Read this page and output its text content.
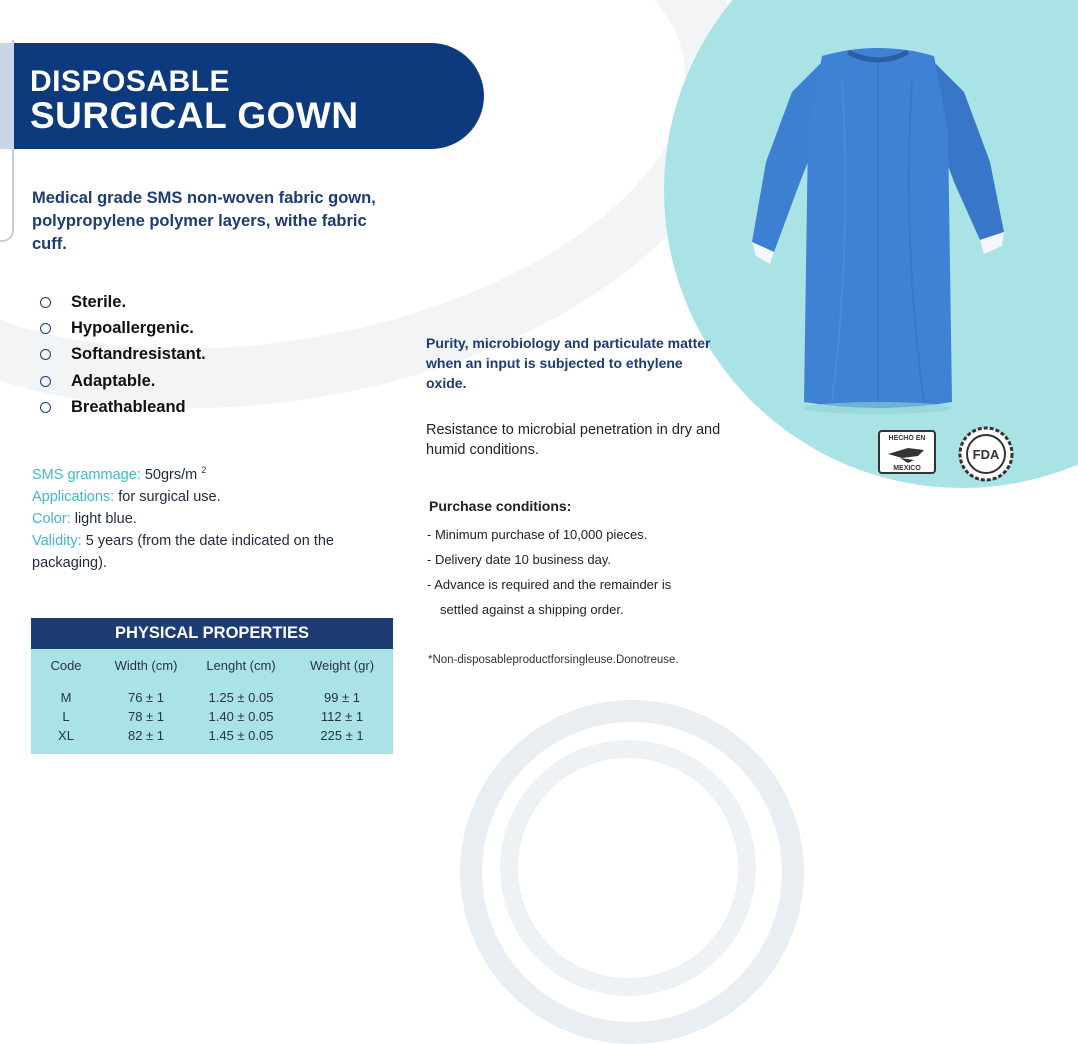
DISPOSABLE
SURGICAL GOWN
Medical grade SMS non-woven fabric gown, polypropylene polymer layers, withe fabric cuff.
Sterile.
Hypoallergenic.
Softandresistant.
Adaptable.
Breathableand
SMS grammage: 50grs/m $^2$
Applications: for surgical use.
Color: light blue.
Validity: 5 years (from the date indicated on the packaging).
PHYSICAL PROPERTIES
Code	Width (cm)	Lenght (cm)	Weight (gr)
M	76 ± 1	1.25 ± 0.05	99 ± 1
L	78 ± 1	1.40 ± 0.05	112 ± 1
XL	82 ± 1	1.45 ± 0.05	225 ± 1
Purity, microbiology and particulate matter when an input is subjected to ethylene oxide.
Resistance to microbial penetration in dry and humid conditions.
Purchase conditions:
- Minimum purchase of 10,000 pieces.
- Delivery date 10 business day.
- Advance is required and the remainder is
settled against a shipping order.
*Non-disposableproductforsingleuse.Donotreuse.
HECHO EN
MEXICO
FDA
